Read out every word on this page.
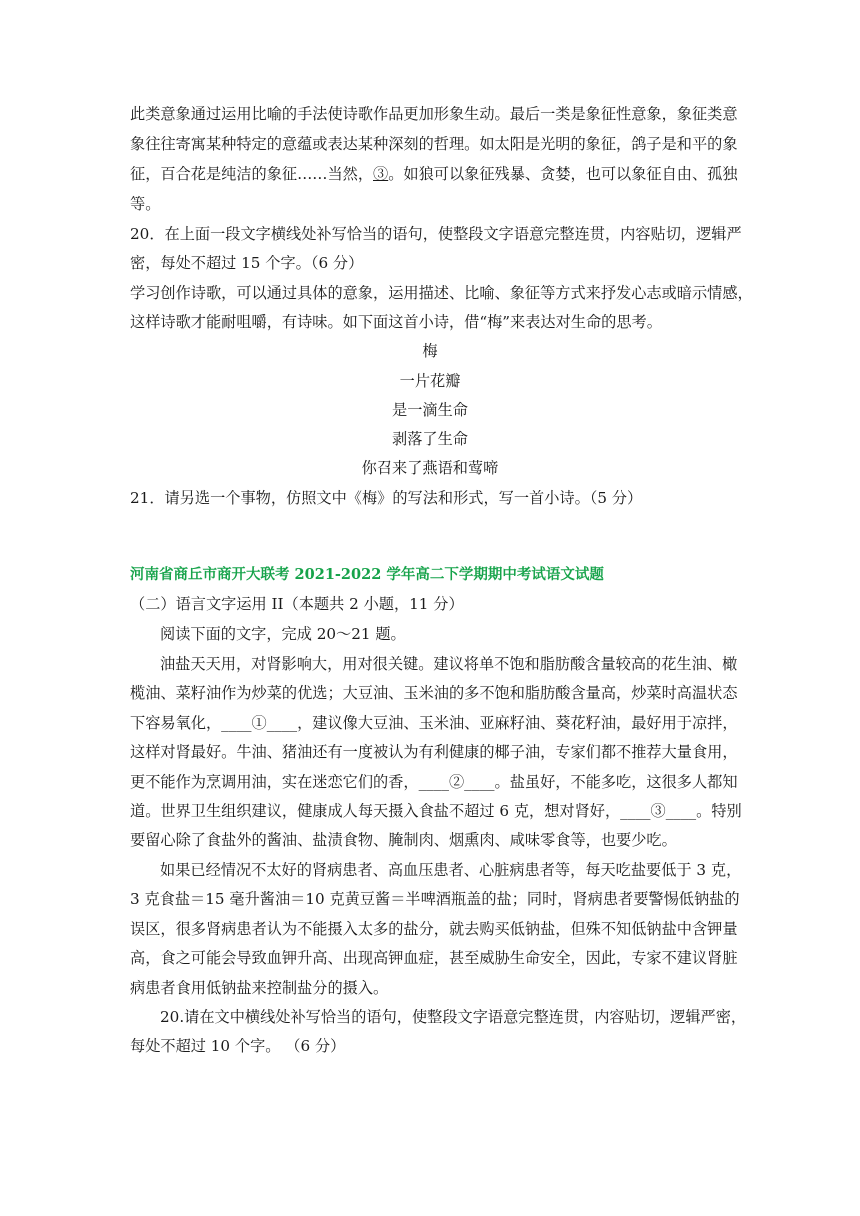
此类意象通过运用比喻的手法使诗歌作品更加形象生动。最后一类是象征性意象，象征类意
象往往寄寓某种特定的意蕴或表达某种深刻的哲理。如太阳是光明的象征，鸽子是和平的象
征，百合花是纯洁的象征……当然，③。如狼可以象征残暴、贪婪，也可以象征自由、孤独
等。
20．在上面一段文字横线处补写恰当的语句，使整段文字语意完整连贯，内容贴切，逻辑严
密，每处不超过 15 个字。（6 分）
学习创作诗歌，可以通过具体的意象，运用描述、比喻、象征等方式来抒发心志或暗示情感，
这样诗歌才能耐咀嚼，有诗味。如下面这首小诗，借“梅”来表达对生命的思考。
梅
一片花瓣
是一滴生命
剥落了生命
你召来了燕语和莺啼
21．请另选一个事物，仿照文中《梅》的写法和形式，写一首小诗。（5 分）
河南省商丘市商开大联考 2021-2022 学年高二下学期期中考试语文试题
（二）语言文字运用 II（本题共 2 小题，11 分）
阅读下面的文字，完成 20～21 题。
油盐天天用，对肾影响大，用对很关键。建议将单不饱和脂肪酸含量较高的花生油、橄
榄油、菜籽油作为炒菜的优选；大豆油、玉米油的多不饱和脂肪酸含量高，炒菜时高温状态
下容易氧化，____①____，建议像大豆油、玉米油、亚麻籽油、葵花籽油，最好用于凉拌，
这样对肾最好。牛油、猪油还有一度被认为有利健康的椰子油，专家们都不推荐大量食用，
更不能作为烹调用油，实在迷恋它们的香，____②____。盐虽好，不能多吃，这很多人都知
道。世界卫生组织建议，健康成人每天摄入食盐不超过 6 克，想对肾好，____③____。特别
要留心除了食盐外的酱油、盐渍食物、腌制肉、烟熏肉、咸味零食等，也要少吃。
如果已经情况不太好的肾病患者、高血压患者、心脏病患者等，每天吃盐要低于 3 克，
3 克食盐＝15 毫升酱油＝10 克黄豆酱＝半啤酒瓶盖的盐；同时，肾病患者要警惕低钠盐的
误区，很多肾病患者认为不能摄入太多的盐分，就去购买低钠盐，但殊不知低钠盐中含钾量
高，食之可能会导致血钾升高、出现高钾血症，甚至威胁生命安全，因此，专家不建议肾脏
病患者食用低钠盐来控制盐分的摄入。
20.请在文中横线处补写恰当的语句，使整段文字语意完整连贯，内容贴切，逻辑严密，
每处不超过 10 个字。 （6 分）
